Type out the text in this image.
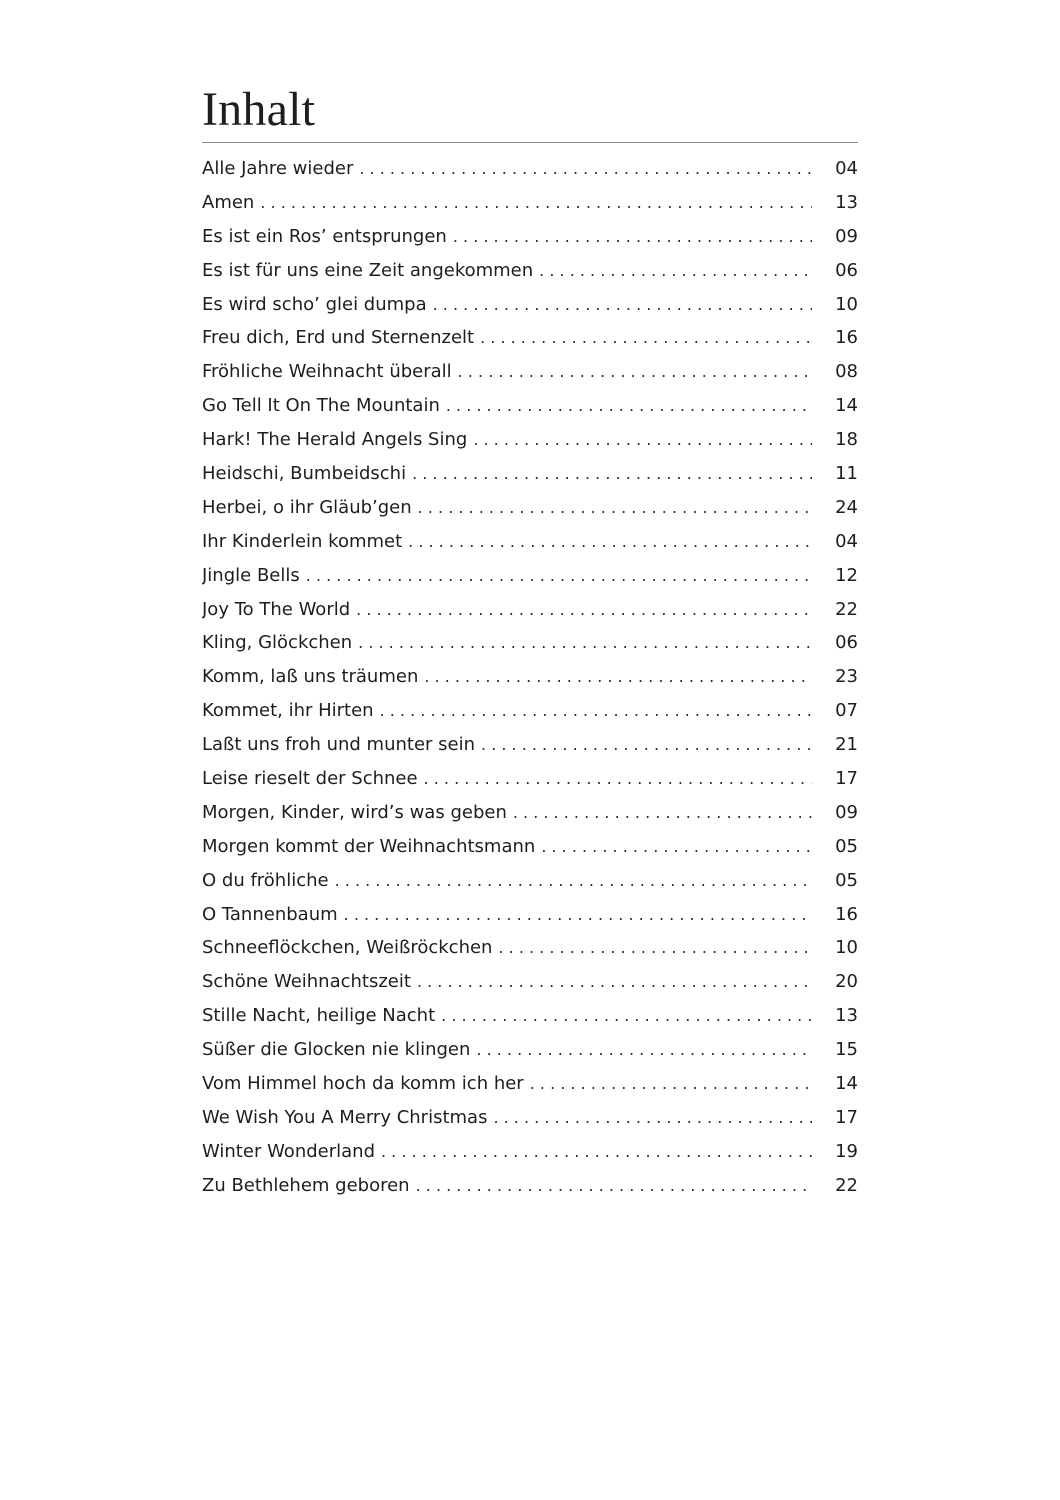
Inhalt
Alle Jahre wieder . . .	04
Amen . . .	13
Es ist ein Ros’ entsprungen . . .	09
Es ist für uns eine Zeit angekommen . . .	06
Es wird scho’ glei dumpa . . .	10
Freu dich, Erd und Sternenzelt . . .	16
Fröhliche Weihnacht überall . . .	08
Go Tell It On The Mountain . . .	14
Hark! The Herald Angels Sing . . .	18
Heidschi, Bumbeidschi . . .	11
Herbei, o ihr Gläub’gen . . .	24
Ihr Kinderlein kommet . . .	04
Jingle Bells . . .	12
Joy To The World . . .	22
Kling, Glöckchen . . .	06
Komm, laß uns träumen . . .	23
Kommet, ihr Hirten . . .	07
Laßt uns froh und munter sein . . .	21
Leise rieselt der Schnee . . .	17
Morgen, Kinder, wird’s was geben . . .	09
Morgen kommt der Weihnachtsmann . . .	05
O du fröhliche . . .	05
O Tannenbaum . . .	16
Schneeflöckchen, Weißröckchen . . .	10
Schöne Weihnachtszeit . . .	20
Stille Nacht, heilige Nacht . . .	13
Süßer die Glocken nie klingen . . .	15
Vom Himmel hoch da komm ich her . . .	14
We Wish You A Merry Christmas . . .	17
Winter Wonderland . . .	19
Zu Bethlehem geboren . . .	22
